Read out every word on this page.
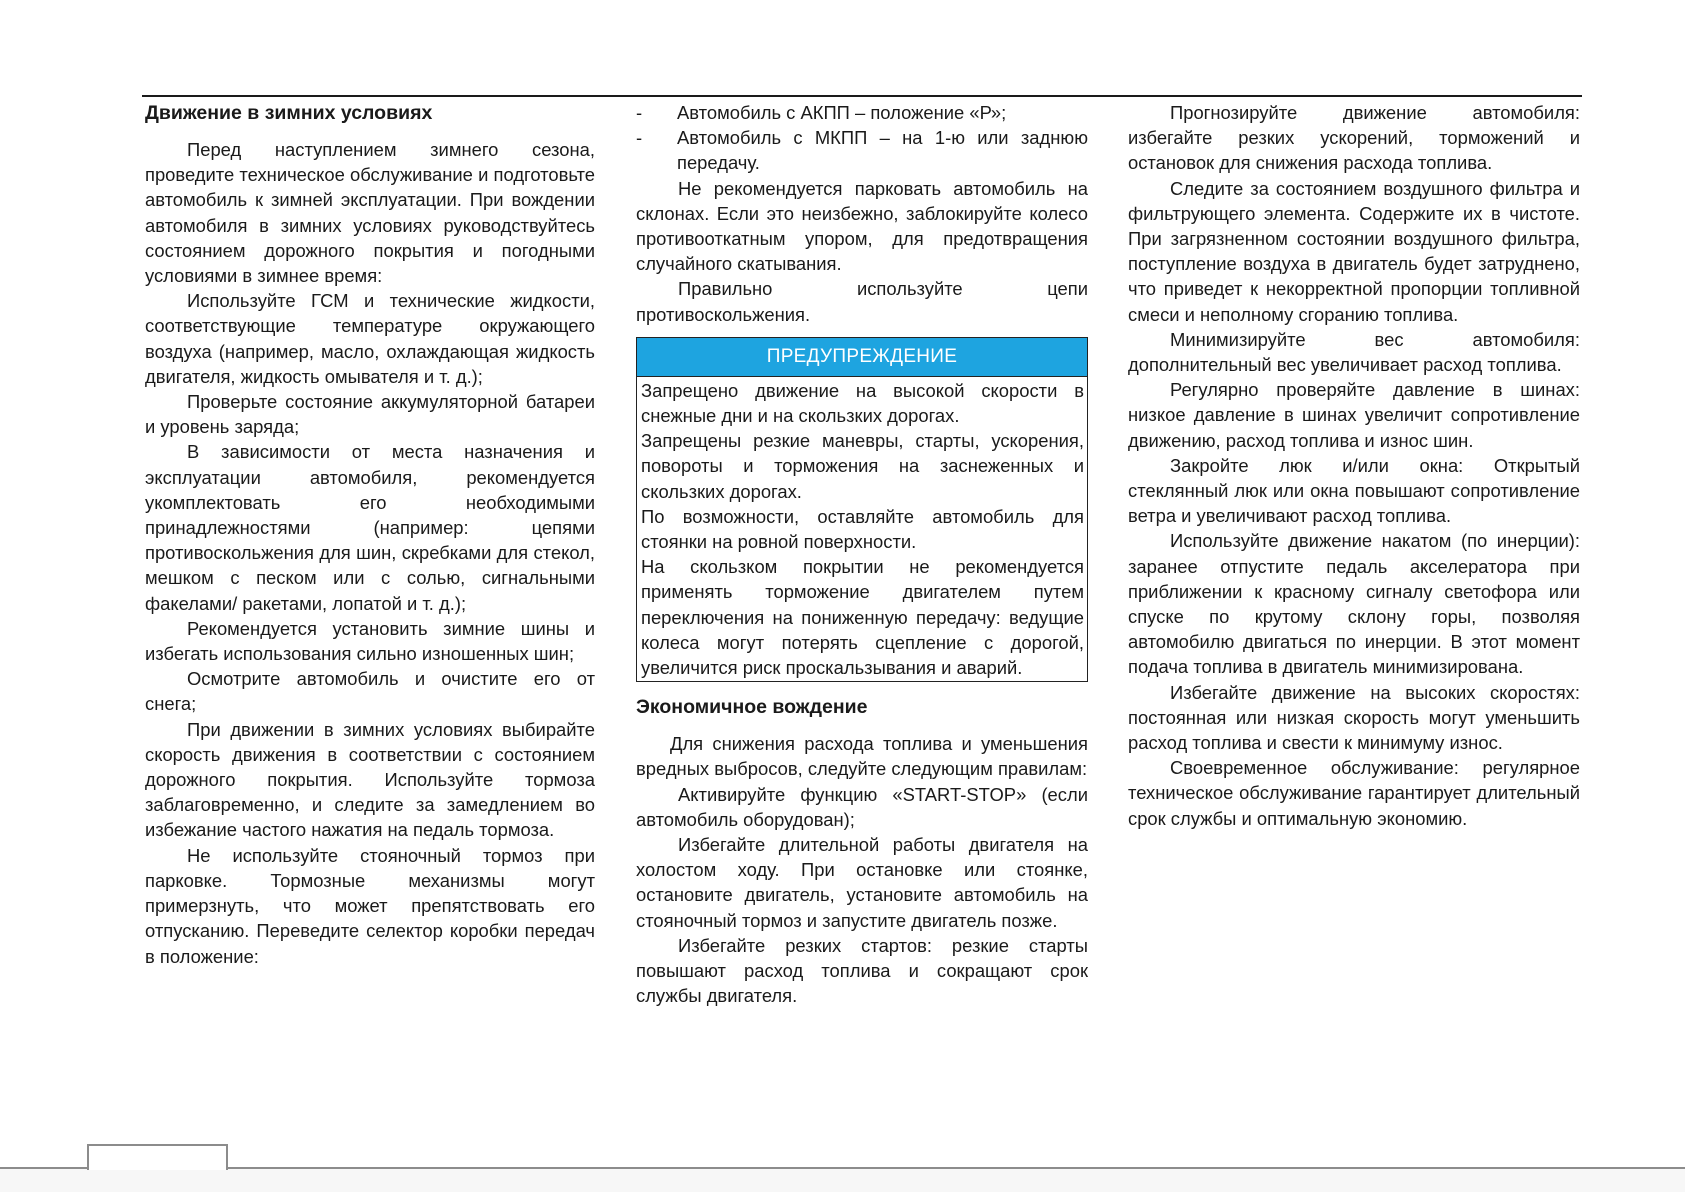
Движение в зимних условиях

Перед наступлением зимнего сезона, проведите техническое обслуживание и подготовьте автомобиль к зимней эксплуатации. При вождении автомобиля в зимних условиях руководствуйтесь состоянием дорожного покрытия и погодными условиями в зимнее время:

Используйте ГСМ и технические жидкости, соответствующие температуре окружающего воздуха (например, масло, охлаждающая жидкость двигателя, жидкость омывателя и т. д.);

Проверьте состояние аккумуляторной батареи и уровень заряда;

В зависимости от места назначения и эксплуатации автомобиля, рекомендуется укомплектовать его необходимыми принадлежностями (например: цепями противоскольжения для шин, скребками для стекол, мешком с песком или с солью, сигнальными факелами/ ракетами, лопатой и т. д.);

Рекомендуется установить зимние шины и избегать использования сильно изношенных шин;

Осмотрите автомобиль и очистите его от снега;

При движении в зимних условиях выбирайте скорость движения в соответствии с состоянием дорожного покрытия. Используйте тормоза заблаговременно, и следите за замедлением во избежание частого нажатия на педаль тормоза.

Не используйте стояночный тормоз при парковке. Тормозные механизмы могут примерзнуть, что может препятствовать его отпусканию. Переведите селектор коробки передач в положение:

- Автомобиль с АКПП – положение «Р»;

- Автомобиль с МКПП – на 1-ю или заднюю передачу.

Не рекомендуется парковать автомобиль на склонах. Если это неизбежно, заблокируйте колесо противооткатным упором, для предотвращения случайного скатывания.

Правильно используйте цепи противоскольжения.

ПРЕДУПРЕЖДЕНИЕ

Запрещено движение на высокой скорости в снежные дни и на скользких дорогах.

Запрещены резкие маневры, старты, ускорения, повороты и торможения на заснеженных и скользких дорогах.

По возможности, оставляйте автомобиль для стоянки на ровной поверхности.

На скользком покрытии не рекомендуется применять торможение двигателем путем переключения на пониженную передачу: ведущие колеса могут потерять сцепление с дорогой, увеличится риск проскальзывания и аварий.

Экономичное вождение

Для снижения расхода топлива и уменьшения вредных выбросов, следуйте следующим правилам:

Активируйте функцию «START-STOP» (если автомобиль оборудован);

Избегайте длительной работы двигателя на холостом ходу. При остановке или стоянке, остановите двигатель, установите автомобиль на стояночный тормоз и запустите двигатель позже.

Избегайте резких стартов: резкие старты повышают расход топлива и сокращают срок службы двигателя.

Прогнозируйте движение автомобиля: избегайте резких ускорений, торможений и остановок для снижения расхода топлива.

Следите за состоянием воздушного фильтра и фильтрующего элемента. Содержите их в чистоте. При загрязненном состоянии воздушного фильтра, поступление воздуха в двигатель будет затруднено, что приведет к некорректной пропорции топливной смеси и неполному сгоранию топлива.

Минимизируйте вес автомобиля: дополнительный вес увеличивает расход топлива.

Регулярно проверяйте давление в шинах: низкое давление в шинах увеличит сопротивление движению, расход топлива и износ шин.

Закройте люк и/или окна: Открытый стеклянный люк или окна повышают сопротивление ветра и увеличивают расход топлива.

Используйте движение накатом (по инерции): заранее отпустите педаль акселератора при приближении к красному сигналу светофора или спуске по крутому склону горы, позволяя автомобилю двигаться по инерции. В этот момент подача топлива в двигатель минимизирована.

Избегайте движение на высоких скоростях: постоянная или низкая скорость могут уменьшить расход топлива и свести к минимуму износ.

Своевременное обслуживание: регулярное техническое обслуживание гарантирует длительный срок службы и оптимальную экономию.
